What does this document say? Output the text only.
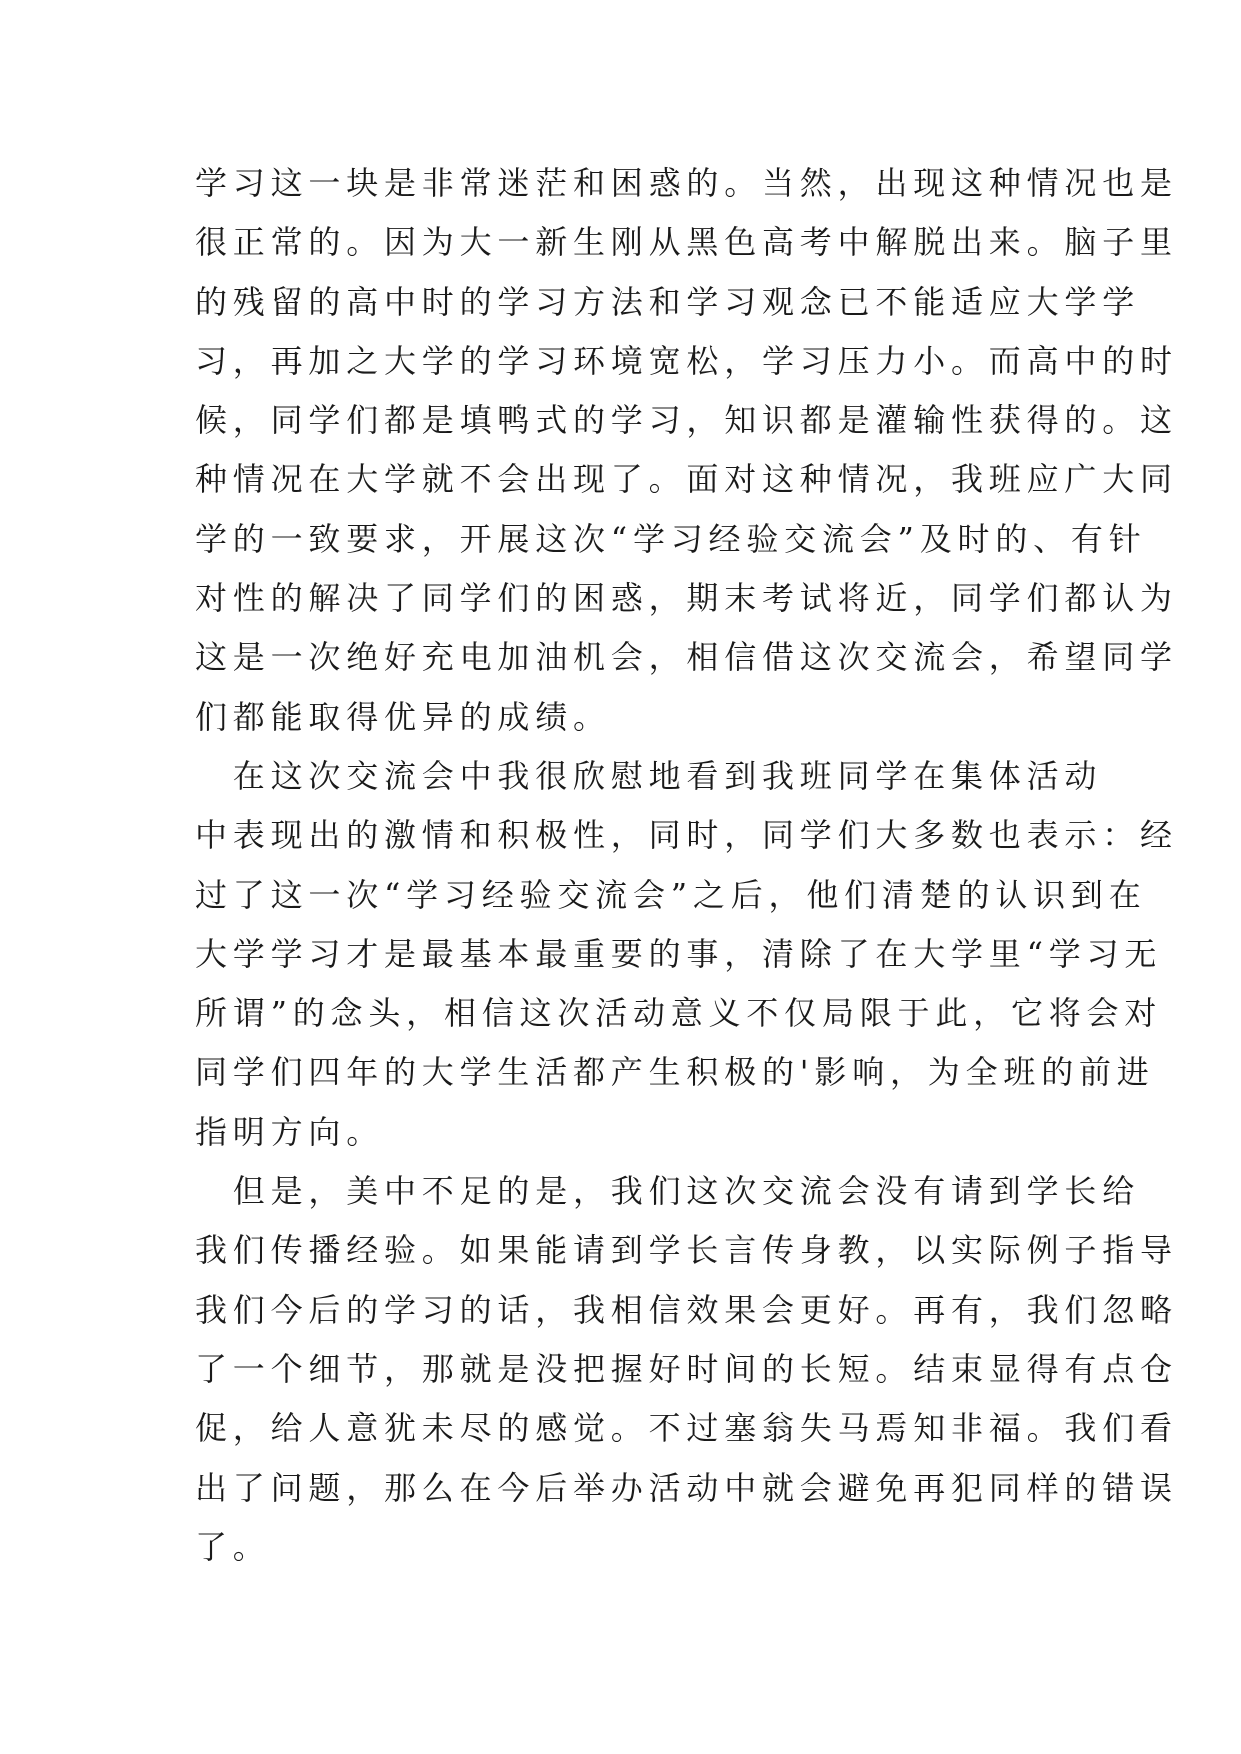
学习这一块是非常迷茫和困惑的。当然，出现这种情况也是
很正常的。因为大一新生刚从黑色高考中解脱出来。脑子里
的残留的高中时的学习方法和学习观念已不能适应大学学
习，再加之大学的学习环境宽松，学习压力小。而高中的时
候，同学们都是填鸭式的学习，知识都是灌输性获得的。这
种情况在大学就不会出现了。面对这种情况，我班应广大同
学的一致要求，开展这次“学习经验交流会”及时的、有针
对性的解决了同学们的困惑，期末考试将近，同学们都认为
这是一次绝好充电加油机会，相信借这次交流会，希望同学
们都能取得优异的成绩。
　在这次交流会中我很欣慰地看到我班同学在集体活动
中表现出的激情和积极性，同时，同学们大多数也表示：经
过了这一次“学习经验交流会”之后，他们清楚的认识到在
大学学习才是最基本最重要的事，清除了在大学里“学习无
所谓”的念头，相信这次活动意义不仅局限于此，它将会对
同学们四年的大学生活都产生积极的'影响，为全班的前进
指明方向。
　但是，美中不足的是，我们这次交流会没有请到学长给
我们传播经验。如果能请到学长言传身教，以实际例子指导
我们今后的学习的话，我相信效果会更好。再有，我们忽略
了一个细节，那就是没把握好时间的长短。结束显得有点仓
促，给人意犹未尽的感觉。不过塞翁失马焉知非福。我们看
出了问题，那么在今后举办活动中就会避免再犯同样的错误
了。
